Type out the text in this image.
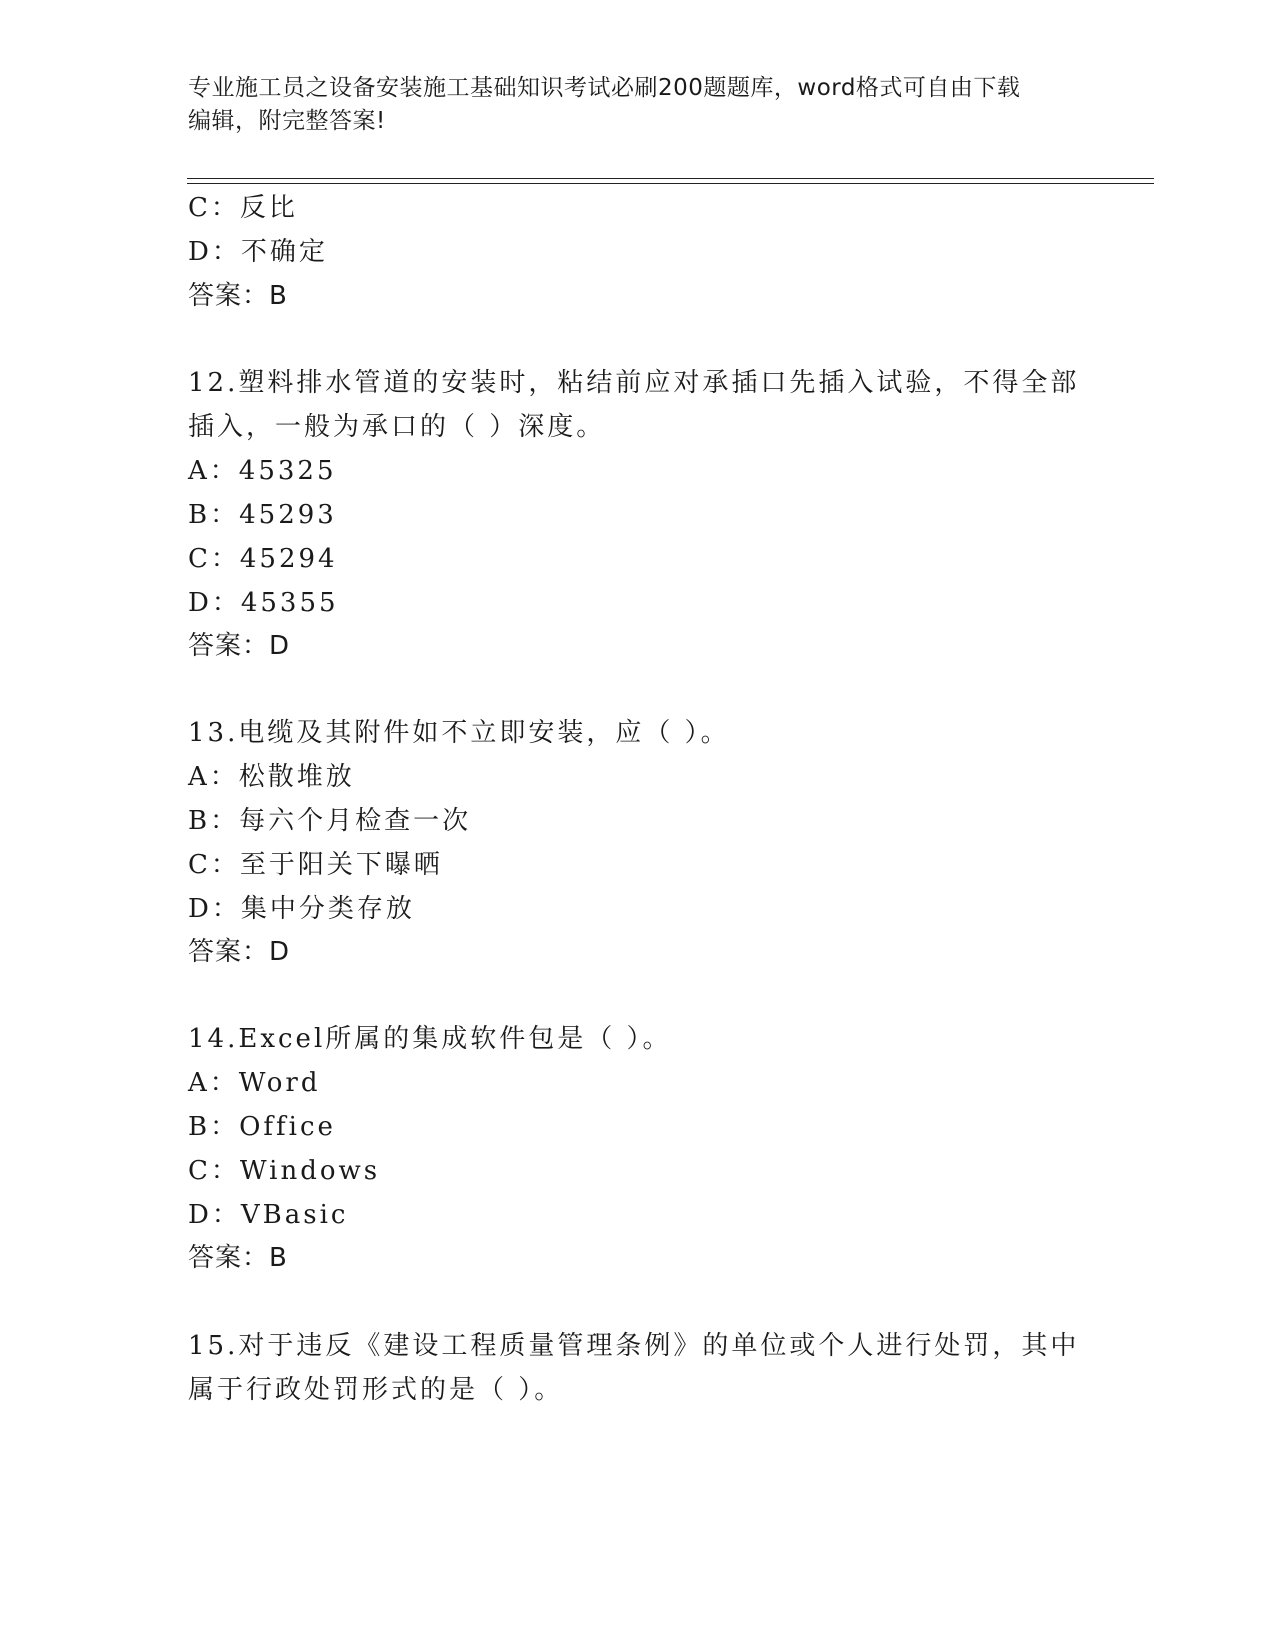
专业施工员之设备安装施工基础知识考试必刷200题题库，word格式可自由下载
编辑，附完整答案!
C：反比
D：不确定
答案：B
12.塑料排水管道的安装时，粘结前应对承插口先插入试验，不得全部
插入，一般为承口的（ ）深度。
A：45325
B：45293
C：45294
D：45355
答案：D
13.电缆及其附件如不立即安装，应（ ）。
A：松散堆放
B：每六个月检查一次
C：至于阳关下曝晒
D：集中分类存放
答案：D
14.Excel所属的集成软件包是（ ）。
A：Word
B：Office
C：Windows
D：VBasic
答案：B
15.对于违反《建设工程质量管理条例》的单位或个人进行处罚，其中
属于行政处罚形式的是（ ）。
